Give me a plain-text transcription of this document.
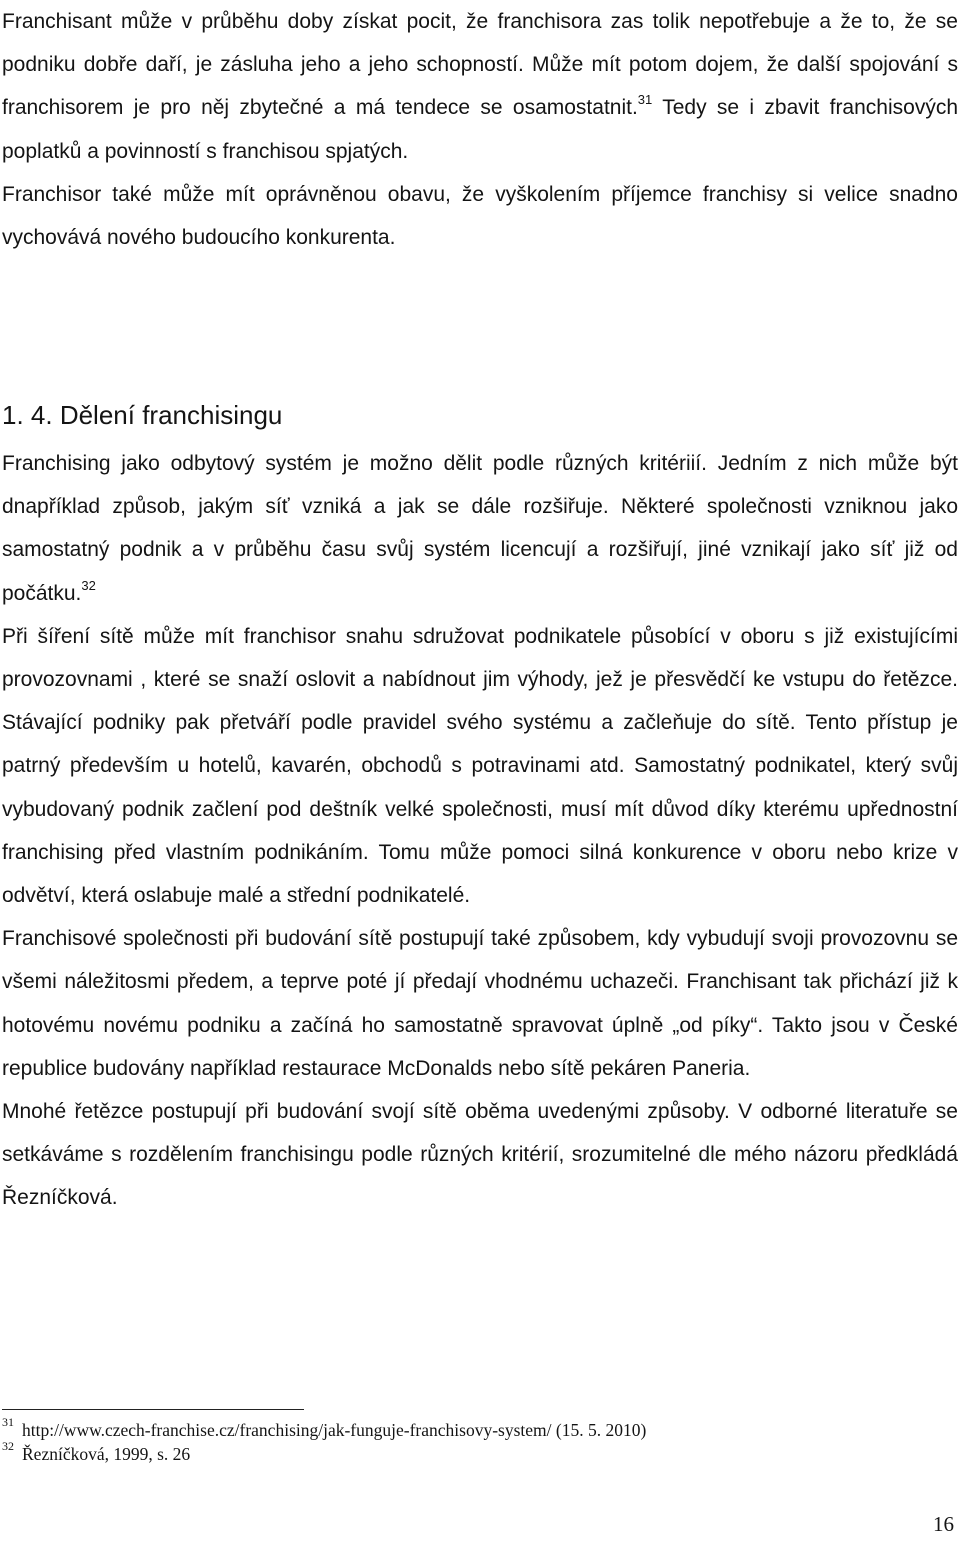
Franchisant může v průběhu doby získat pocit, že franchisora zas tolik nepotřebuje a že to, že se podniku dobře daří, je zásluha jeho a jeho schopností. Může mít potom dojem, že další spojování s franchisorem je pro něj zbytečné a má tendece se osamostatnit.$^{31}$ Tedy se i zbavit franchisových poplatků a povinností s franchisou spjatých.

Franchisor také může mít oprávněnou obavu, že vyškolením příjemce franchisy si velice snadno vychovává nového budoucího konkurenta.

1. 4. Dělení franchisingu

Franchising jako odbytový systém je možno dělit podle různých kritériií. Jedním z nich může být dnapříklad způsob, jakým síť vzniká a jak se dále rozšiřuje. Některé společnosti vzniknou jako samostatný podnik a v průběhu času svůj systém licencují a rozšiřují, jiné vznikají jako síť již od počátku.$^{32}$

Při šíření sítě může mít franchisor snahu sdružovat podnikatele působící v oboru s již existujícími provozovnami , které se snaží oslovit a nabídnout jim výhody, jež je přesvědčí ke vstupu do řetězce. Stávající podniky pak přetváří podle pravidel svého systému a začleňuje do sítě. Tento přístup je patrný především u hotelů, kavarén, obchodů s potravinami atd. Samostatný podnikatel, který svůj vybudovaný podnik začlení pod deštník velké společnosti, musí mít důvod díky kterému upřednostní franchising před vlastním podnikáním. Tomu může pomoci silná konkurence v oboru nebo krize v odvětví, která oslabuje malé a střední podnikatelé.

Franchisové společnosti při budování sítě postupují také způsobem, kdy vybudují svoji provozovnu se všemi náležitosmi předem, a teprve poté jí předají vhodnému uchazeči. Franchisant tak přichází již k hotovému novému podniku a začíná ho samostatně spravovat úplně „od píky“. Takto jsou v České republice budovány například restaurace McDonalds nebo sítě pekáren Paneria.

Mnohé řetězce postupují při budování svojí sítě oběma uvedenými způsoby. V odborné literatuře se setkáváme s rozdělením franchisingu podle různých kritérií, srozumitelné dle mého názoru předkládá Řezníčková.

$^{31}$ http://www.czech-franchise.cz/franchising/jak-funguje-franchisovy-system/ (15. 5. 2010)
$^{32}$ Řezníčková, 1999, s. 26
16
